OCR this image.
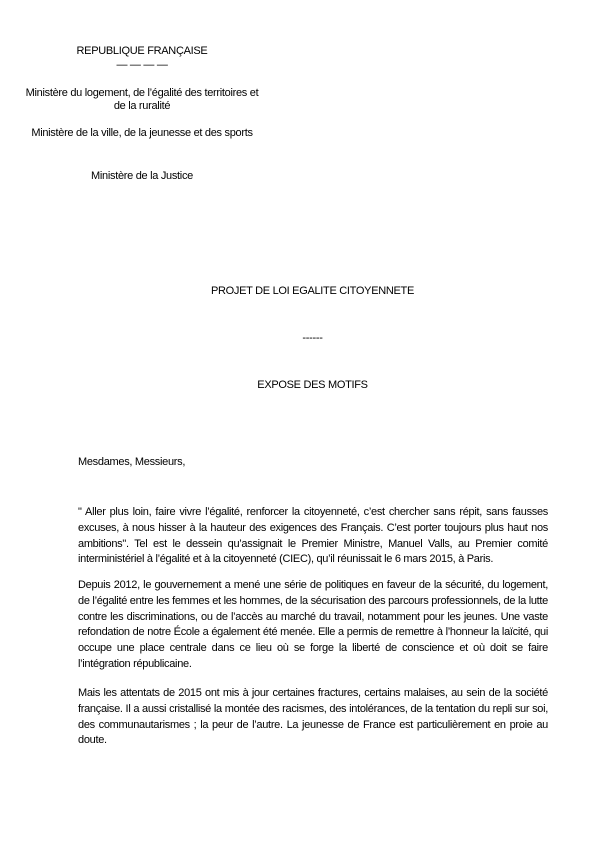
REPUBLIQUE FRANÇAISE
— — — —
Ministère du logement, de l’égalité des territoires et de la ruralité
Ministère de la ville, de la jeunesse et des sports
Ministère de la Justice
PROJET DE LOI EGALITE CITOYENNETE
------
EXPOSE DES MOTIFS
Mesdames, Messieurs,

" Aller plus loin, faire vivre l’égalité, renforcer la citoyenneté, c’est chercher sans répit, sans fausses excuses, à nous hisser à la hauteur des exigences des Français. C’est porter toujours plus haut nos ambitions". Tel est le dessein qu’assignait le Premier Ministre, Manuel Valls, au Premier comité interministériel à l’égalité et à la citoyenneté (CIEC), qu’il réunissait le 6 mars 2015, à Paris.

Depuis 2012, le gouvernement a mené une série de politiques en faveur de la sécurité, du logement, de l’égalité entre les femmes et les hommes, de la sécurisation des parcours professionnels, de la lutte contre les discriminations, ou de l’accès au marché du travail, notamment pour les jeunes. Une vaste refondation de notre École a également été menée. Elle a permis de remettre à l’honneur la laïcité, qui occupe une place centrale dans ce lieu où se forge la liberté de conscience et où doit se faire l’intégration républicaine.

Mais les attentats de 2015 ont mis à jour certaines fractures, certains malaises, au sein de la société française. Il a aussi cristallisé la montée des racismes, des intolérances, de la tentation du repli sur soi, des communautarismes ; la peur de l’autre. La jeunesse de France est particulièrement en proie au doute.
